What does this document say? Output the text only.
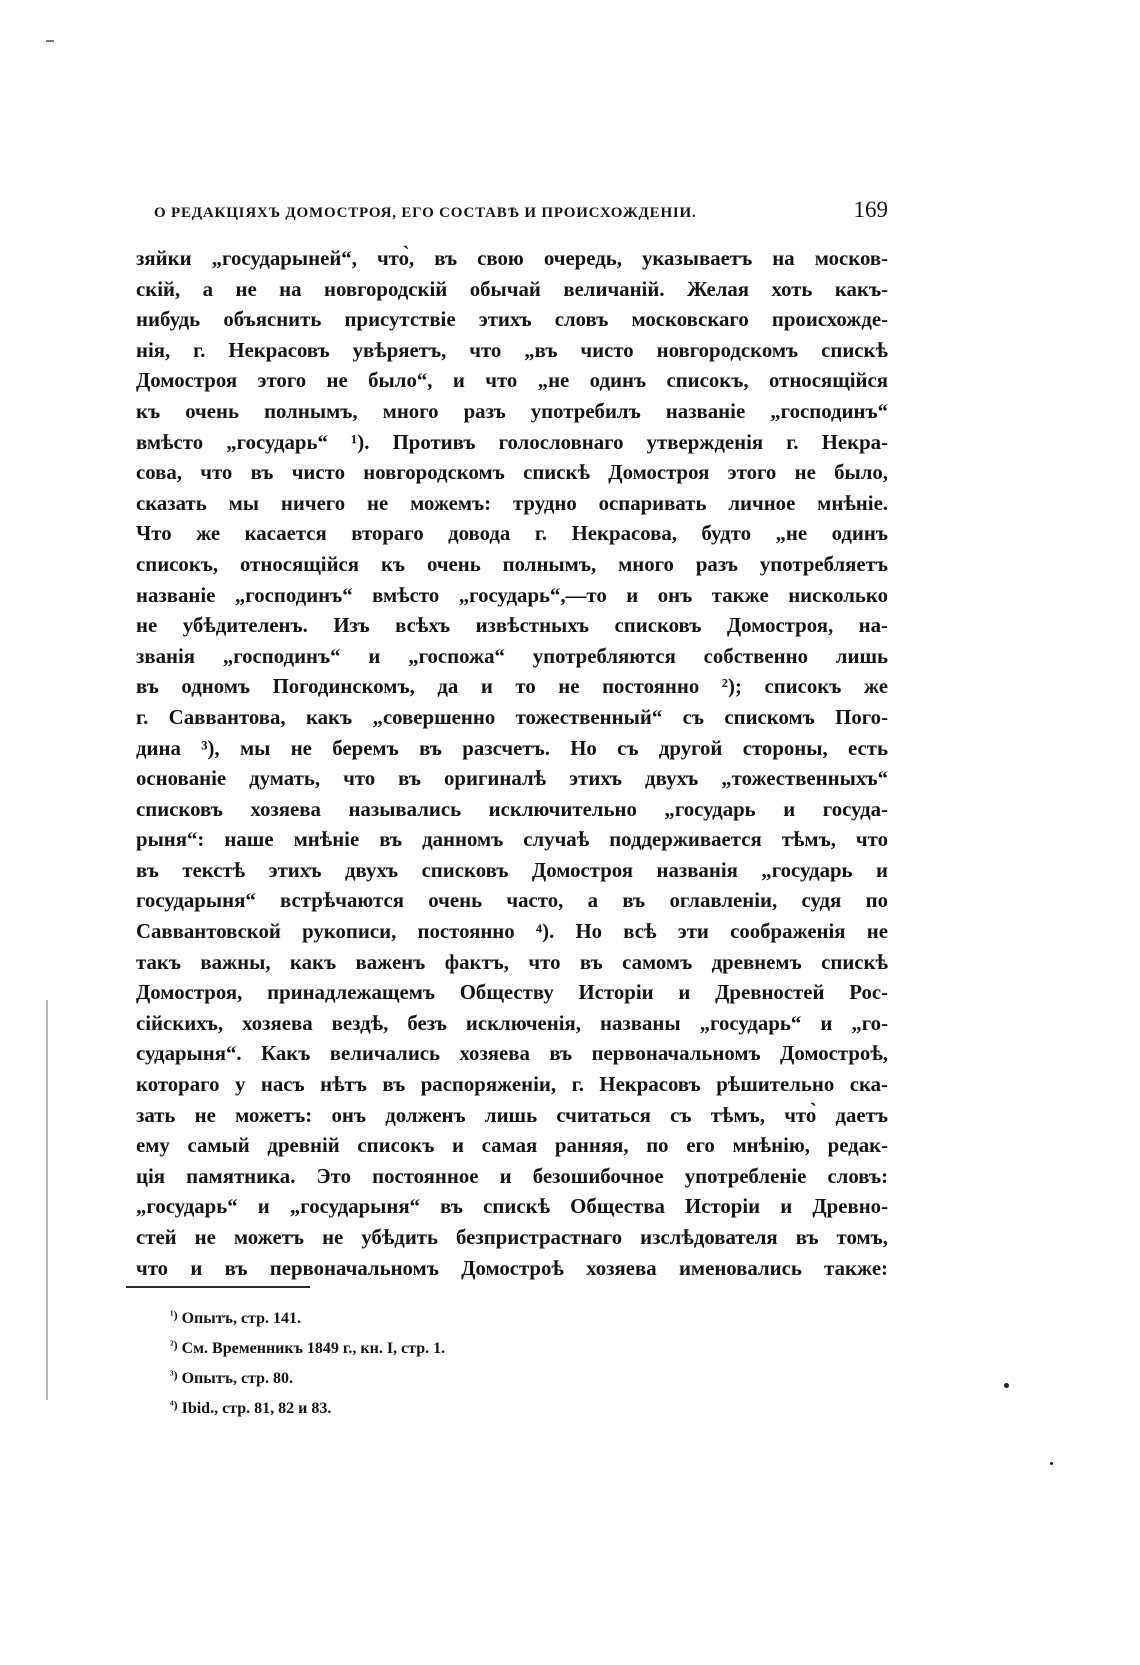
О РЕДАКЦІЯХЪ ДОМОСТРОЯ, ЕГО СОСТАВѢ И ПРОИСХОЖДЕНІИ.	169
зяйки „государыней“, что̀, въ свою очередь, указываетъ на москов-
скій, а не на новгородскій обычай величаній. Желая хоть какъ-
нибудь объяснить присутствіе этихъ словъ московскаго происхожде-
нія, г. Некрасовъ увѣряетъ, что „въ чисто новгородскомъ спискѣ
Домостроя этого не было“, и что „не одинъ списокъ, относящійся
къ очень полнымъ, много разъ употребилъ названіе „господинъ“
вмѣсто „государь“ ¹). Противъ голословнаго утвержденія г. Некра-
сова, что въ чисто новгородскомъ спискѣ Домостроя этого не было,
сказать мы ничего не можемъ: трудно оспаривать личное мнѣніе.
Что же касается втораго довода г. Некрасова, будто „не одинъ
списокъ, относящійся къ очень полнымъ, много разъ употребляетъ
названіе „господинъ“ вмѣсто „государь“,—то и онъ также нисколько
не убѣдителенъ. Изъ всѣхъ извѣстныхъ списковъ Домостроя, на-
званія „господинъ“ и „госпожа“ употребляются собственно лишь
въ одномъ Погодинскомъ, да и то не постоянно ²); списокъ же
г. Саввантова, какъ „совершенно тожественный“ съ спискомъ Пого-
дина ³), мы не беремъ въ разсчетъ. Но съ другой стороны, есть
основаніе думать, что въ оригиналѣ этихъ двухъ „тожественныхъ“
списковъ хозяева назывались исключительно „государь и госуда-
рыня“: наше мнѣніе въ данномъ случаѣ поддерживается тѣмъ, что
въ текстѣ этихъ двухъ списковъ Домостроя названія „государь и
государыня“ встрѣчаются очень часто, а въ оглавленіи, судя по
Саввантовской рукописи, постоянно ⁴). Но всѣ эти соображенія не
такъ важны, какъ важенъ фактъ, что въ самомъ древнемъ спискѣ
Домостроя, принадлежащемъ Обществу Исторіи и Древностей Рос-
сійскихъ, хозяева вездѣ, безъ исключенія, названы „государь“ и „го-
сударыня“. Какъ величались хозяева въ первоначальномъ Домостроѣ,
котораго у насъ нѣтъ въ распоряженіи, г. Некрасовъ рѣшительно ска-
зать не можетъ: онъ долженъ лишь считаться съ тѣмъ, что̀ даетъ
ему самый древній списокъ и самая ранняя, по его мнѣнію, редак-
ція памятника. Это постоянное и безошибочное употребленіе словъ:
„государь“ и „государыня“ въ спискѣ Общества Исторіи и Древно-
стей не можетъ не убѣдить безпристрастнаго изслѣдователя въ томъ,
что и въ первоначальномъ Домостроѣ хозяева именовались также:
$^{^1)}$ Опытъ, стр. 141.
$^{^2)}$ См. Временникъ 1849 г., кн. I, стр. 1.
$^{^3)}$ Опытъ, стр. 80.
$^{^4)}$ Ibid., стр. 81, 82 и 83.
